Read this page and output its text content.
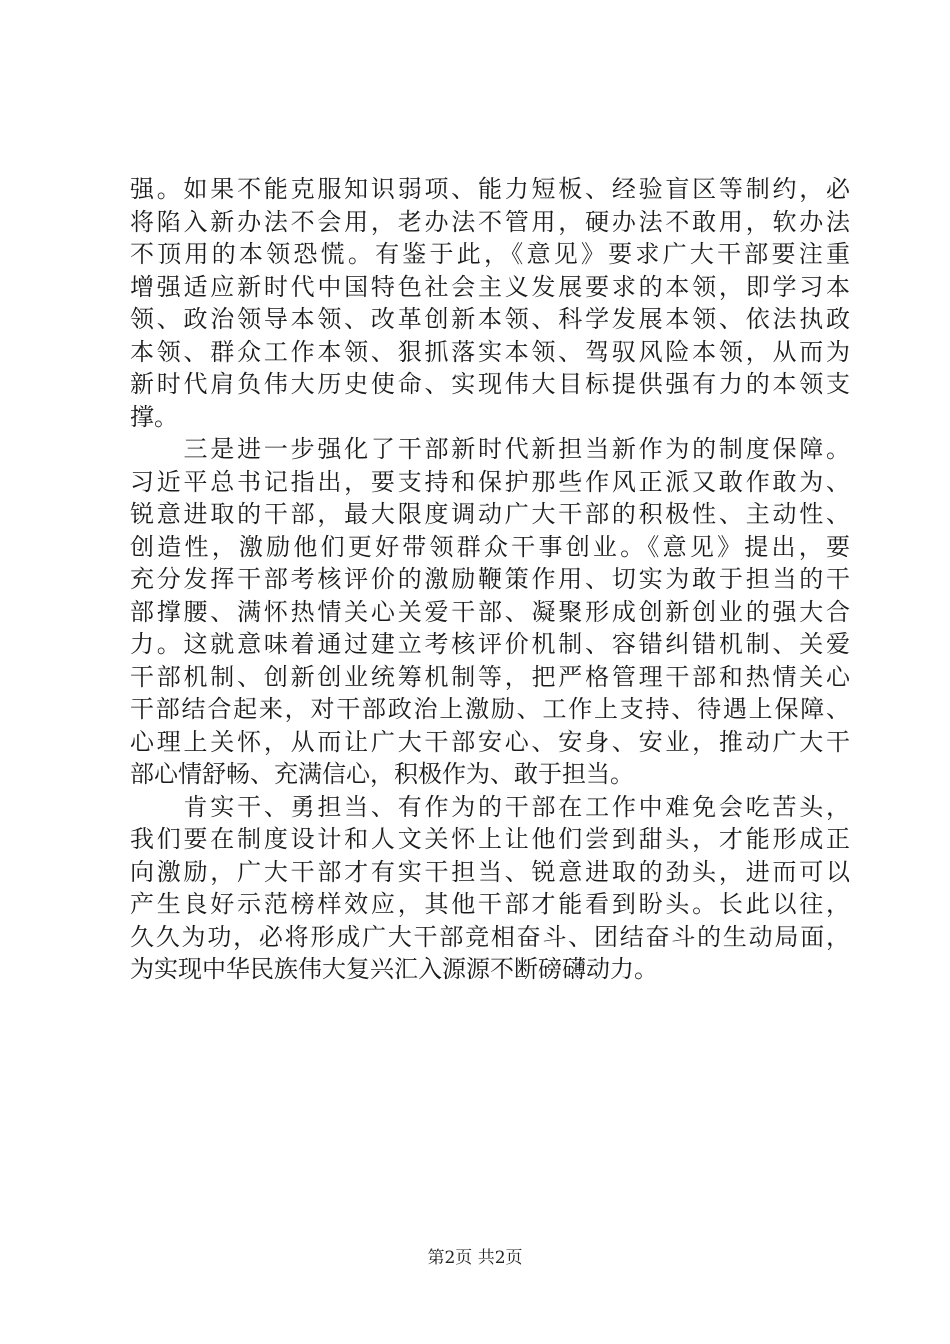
强。如果不能克服知识弱项、能力短板、经验盲区等制约，必
将陷入新办法不会用，老办法不管用，硬办法不敢用，软办法
不顶用的本领恐慌。有鉴于此，《意见》要求广大干部要注重
增强适应新时代中国特色社会主义发展要求的本领，即学习本
领、政治领导本领、改革创新本领、科学发展本领、依法执政
本领、群众工作本领、狠抓落实本领、驾驭风险本领，从而为
新时代肩负伟大历史使命、实现伟大目标提供强有力的本领支
撑。
　　三是进一步强化了干部新时代新担当新作为的制度保障。
习近平总书记指出，要支持和保护那些作风正派又敢作敢为、
锐意进取的干部，最大限度调动广大干部的积极性、主动性、
创造性，激励他们更好带领群众干事创业。《意见》提出，要
充分发挥干部考核评价的激励鞭策作用、切实为敢于担当的干
部撑腰、满怀热情关心关爱干部、凝聚形成创新创业的强大合
力。这就意味着通过建立考核评价机制、容错纠错机制、关爱
干部机制、创新创业统筹机制等，把严格管理干部和热情关心
干部结合起来，对干部政治上激励、工作上支持、待遇上保障、
心理上关怀，从而让广大干部安心、安身、安业，推动广大干
部心情舒畅、充满信心，积极作为、敢于担当。
　　肯实干、勇担当、有作为的干部在工作中难免会吃苦头，
我们要在制度设计和人文关怀上让他们尝到甜头，才能形成正
向激励，广大干部才有实干担当、锐意进取的劲头，进而可以
产生良好示范榜样效应，其他干部才能看到盼头。长此以往，
久久为功，必将形成广大干部竞相奋斗、团结奋斗的生动局面，
为实现中华民族伟大复兴汇入源源不断磅礴动力。
第2页 共2页
